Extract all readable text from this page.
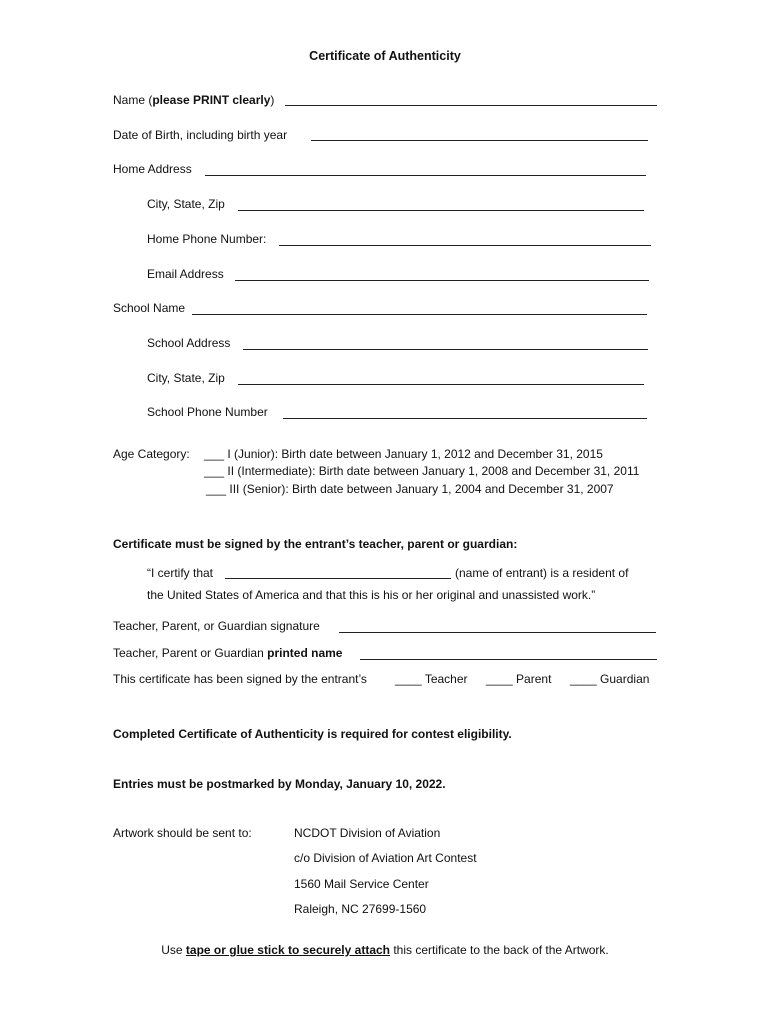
Certificate of Authenticity
Name (please PRINT clearly)
Date of Birth, including birth year
Home Address
City, State, Zip
Home Phone Number:
Email Address
School Name
School Address
City, State, Zip
School Phone Number
Age Category: ___ I (Junior): Birth date between January 1, 2012 and December 31, 2015
___ II (Intermediate): Birth date between January 1, 2008 and December 31, 2011
___ III (Senior): Birth date between January 1, 2004 and December 31, 2007
Certificate must be signed by the entrant’s teacher, parent or guardian:
“I certify that	(name of entrant) is a resident of
the United States of America and that this is his or her original and unassisted work.”
Teacher, Parent, or Guardian signature
Teacher, Parent or Guardian printed name
This certificate has been signed by the entrant’s ____ Teacher ____ Parent ____ Guardian
Completed Certificate of Authenticity is required for contest eligibility.
Entries must be postmarked by Monday, January 10, 2022.
Artwork should be sent to:	NCDOT Division of Aviation
c/o Division of Aviation Art Contest
1560 Mail Service Center
Raleigh, NC 27699-1560
Use tape or glue stick to securely attach this certificate to the back of the Artwork.
